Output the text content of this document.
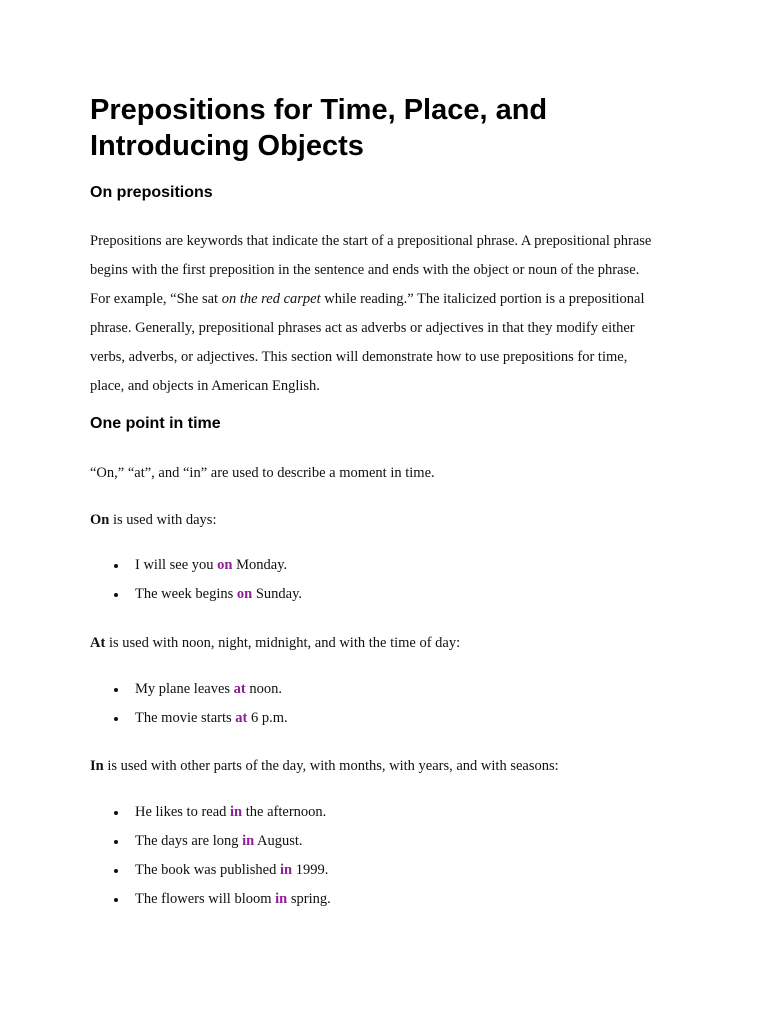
Prepositions for Time, Place, and
Introducing Objects
On prepositions

Prepositions are keywords that indicate the start of a prepositional phrase. A prepositional phrase
begins with the first preposition in the sentence and ends with the object or noun of the phrase.
For example, “She sat on the red carpet while reading.” The italicized portion is a prepositional
phrase. Generally, prepositional phrases act as adverbs or adjectives in that they modify either
verbs, adverbs, or adjectives. This section will demonstrate how to use prepositions for time,
place, and objects in American English.

One point in time

“On,” “at”, and “in” are used to describe a moment in time.

On is used with days:

I will see you on Monday.
The week begins on Sunday.

At is used with noon, night, midnight, and with the time of day:

My plane leaves at noon.
The movie starts at 6 p.m.

In is used with other parts of the day, with months, with years, and with seasons:

He likes to read in the afternoon.
The days are long in August.
The book was published in 1999.
The flowers will bloom in spring.
